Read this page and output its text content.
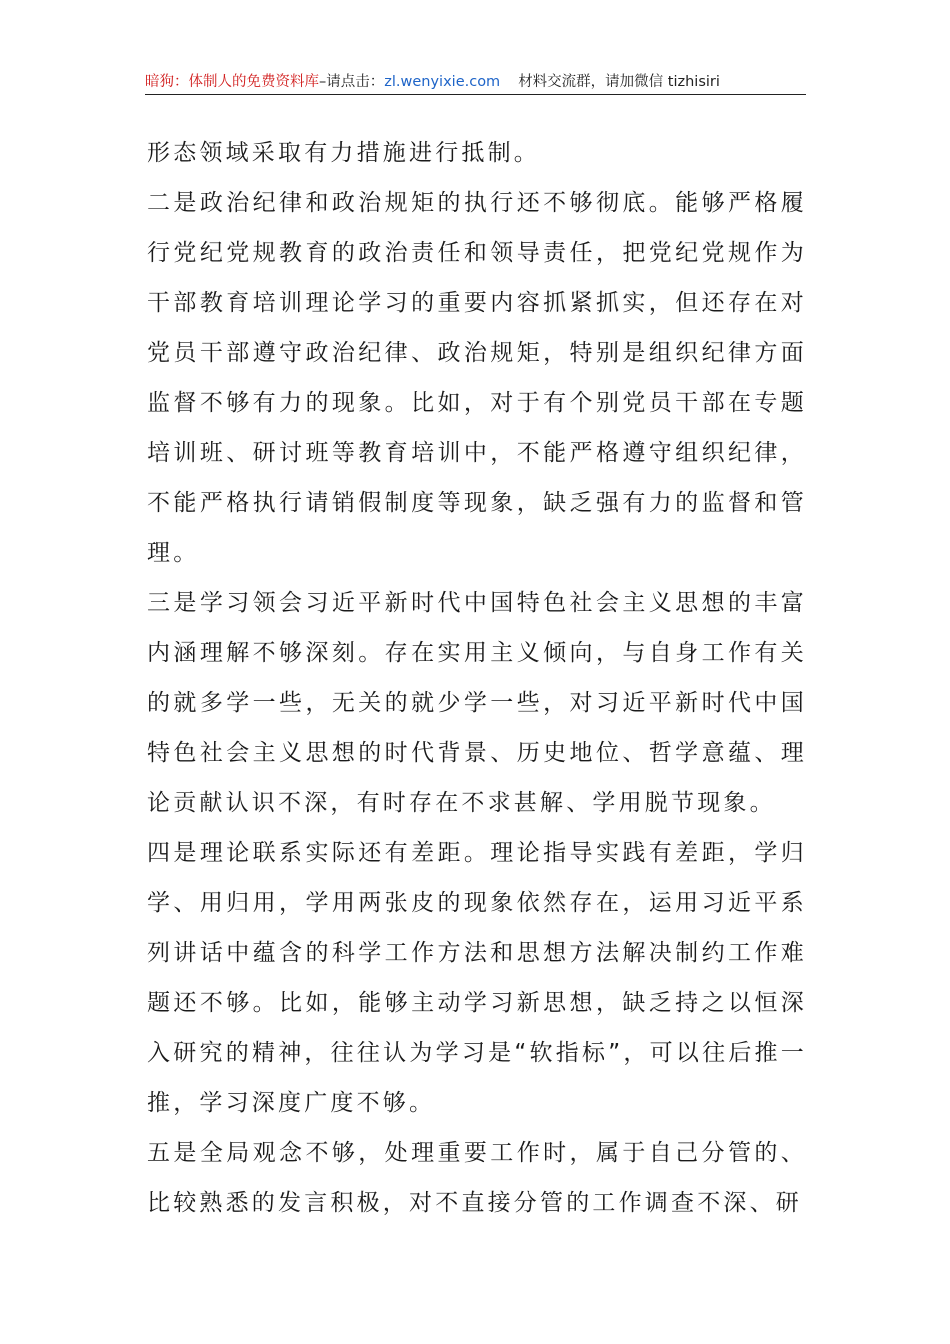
暗狗：体制人的免费资料库 –请点击： zl.wenyixie.com 材料交流群，请加微信 tizhisiri

形态领域采取有力措施进行抵制。

二是政治纪律和政治规矩的执行还不够彻底。能够严格履行党纪党规教育的政治责任和领导责任，把党纪党规作为干部教育培训理论学习的重要内容抓紧抓实，但还存在对党员干部遵守政治纪律、政治规矩，特别是组织纪律方面监督不够有力的现象。比如，对于有个别党员干部在专题培训班、研讨班等教育培训中，不能严格遵守组织纪律，不能严格执行请销假制度等现象，缺乏强有力的监督和管理。

三是学习领会习近平新时代中国特色社会主义思想的丰富内涵理解不够深刻。存在实用主义倾向，与自身工作有关的就多学一些，无关的就少学一些，对习近平新时代中国特色社会主义思想的时代背景、历史地位、哲学意蕴、理论贡献认识不深，有时存在不求甚解、学用脱节现象。

四是理论联系实际还有差距。理论指导实践有差距，学归学、用归用，学用两张皮的现象依然存在，运用习近平系列讲话中蕴含的科学工作方法和思想方法解决制约工作难题还不够。比如，能够主动学习新思想，缺乏持之以恒深入研究的精神，往往认为学习是“软指标”，可以往后推一推，学习深度广度不够。

五是全局观念不够，处理重要工作时，属于自己分管的、比较熟悉的发言积极，对不直接分管的工作调查不深、研
